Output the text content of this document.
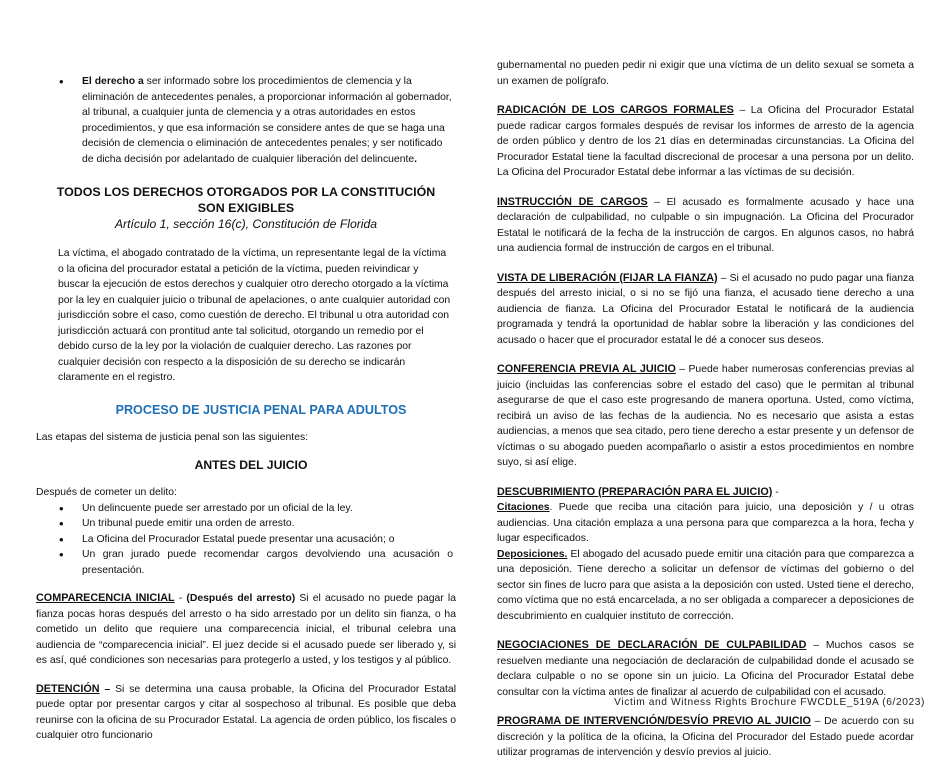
• El derecho a ser informado sobre los procedimientos de clemencia y la eliminación de antecedentes penales, a proporcionar información al gobernador, al tribunal, a cualquier junta de clemencia y a otras autoridades en estos procedimientos, y que esa información se considere antes de que se haga una decisión de clemencia o eliminación de antecedentes penales; y ser notificado de dicha decisión por adelantado de cualquier liberación del delincuente.
TODOS LOS DERECHOS OTORGADOS POR LA CONSTITUCIÓN SON EXIGIBLES
Artículo 1, sección 16(c), Constitución de Florida

La víctima, el abogado contratado de la víctima, un representante legal de la víctima o la oficina del procurador estatal a petición de la víctima, pueden reivindicar y buscar la ejecución de estos derechos y cualquier otro derecho otorgado a la víctima por la ley en cualquier juicio o tribunal de apelaciones, o ante cualquier autoridad con jurisdicción sobre el caso, como cuestión de derecho. El tribunal u otra autoridad con jurisdicción actuará con prontitud ante tal solicitud, otorgando un remedio por el debido curso de la ley por la violación de cualquier derecho. Las razones por cualquier decisión con respecto a la disposición de su derecho se indicarán claramente en el registro.

PROCESO DE JUSTICIA PENAL PARA ADULTOS

Las etapas del sistema de justicia penal son las siguientes:

ANTES DEL JUICIO

Después de cometer un delito:

• Un delincuente puede ser arrestado por un oficial de la ley.
• Un tribunal puede emitir una orden de arresto.
• La Oficina del Procurador Estatal puede presentar una acusación; o
• Un gran jurado puede recomendar cargos devolviendo una acusación o presentación.

COMPARECENCIA INICIAL - (Después del arresto) Si el acusado no puede pagar la fianza pocas horas después del arresto o ha sido arrestado por un delito sin fianza, o ha cometido un delito que requiere una comparecencia inicial, el tribunal celebra una audiencia de “comparecencia inicial”. El juez decide si el acusado puede ser liberado y, si es así, qué condiciones son necesarias para protegerlo a usted, y los testigos y al público.

DETENCIÓN – Si se determina una causa probable, la Oficina del Procurador Estatal puede optar por presentar cargos y citar al sospechoso al tribunal. Es posible que deba reunirse con la oficina de su Procurador Estatal. La agencia de orden público, los fiscales o cualquier otro funcionario

gubernamental no pueden pedir ni exigir que una víctima de un delito sexual se someta a un examen de polígrafo.

RADICACIÓN DE LOS CARGOS FORMALES – La Oficina del Procurador Estatal puede radicar cargos formales después de revisar los informes de arresto de la agencia de orden público y dentro de los 21 días en determinadas circunstancias. La Oficina del Procurador Estatal tiene la facultad discrecional de procesar a una persona por un delito. La Oficina del Procurador Estatal debe informar a las víctimas de su decisión.

INSTRUCCIÓN DE CARGOS – El acusado es formalmente acusado y hace una declaración de culpabilidad, no culpable o sin impugnación. La Oficina del Procurador Estatal le notificará de la fecha de la instrucción de cargos. En algunos casos, no habrá una audiencia formal de instrucción de cargos en el tribunal.

VISTA DE LIBERACIÓN (FIJAR LA FIANZA) – Si el acusado no pudo pagar una fianza después del arresto inicial, o si no se fijó una fianza, el acusado tiene derecho a una audiencia de fianza. La Oficina del Procurador Estatal le notificará de la audiencia programada y tendrá la oportunidad de hablar sobre la liberación y las condiciones del acusado o hacer que el procurador estatal le dé a conocer sus deseos.

CONFERENCIA PREVIA AL JUICIO – Puede haber numerosas conferencias previas al juicio (incluidas las conferencias sobre el estado del caso) que le permitan al tribunal asegurarse de que el caso este progresando de manera oportuna. Usted, como víctima, recibirá un aviso de las fechas de la audiencia. No es necesario que asista a estas audiencias, a menos que sea citado, pero tiene derecho a estar presente y un defensor de víctimas o su abogado pueden acompañarlo o asistir a estos procedimientos en nombre suyo, si así elige.

DESCUBRIMIENTO (PREPARACIÓN PARA EL JUICIO) -

Citaciones. Puede que reciba una citación para juicio, una deposición y / u otras audiencias. Una citación emplaza a una persona para que comparezca a la hora, fecha y lugar especificados.

Deposiciones. El abogado del acusado puede emitir una citación para que comparezca a una deposición. Tiene derecho a solicitar un defensor de víctimas del gobierno o del sector sin fines de lucro para que asista a la deposición con usted. Usted tiene el derecho, como víctima que no está encarcelada, a no ser obligada a comparecer a deposiciones de descubrimiento en cualquier instituto de corrección.

NEGOCIACIONES DE DECLARACIÓN DE CULPABILIDAD – Muchos casos se resuelven mediante una negociación de declaración de culpabilidad donde el acusado se declara culpable o no se opone sin un juicio. La Oficina del Procurador Estatal debe consultar con la víctima antes de finalizar al acuerdo de culpabilidad con el acusado.

PROGRAMA DE INTERVENCIÓN/DESVÍO PREVIO AL JUICIO – De acuerdo con su discreción y la política de la oficina, la Oficina del Procurador del Estado puede acordar utilizar programas de intervención y desvío previos al juicio.

Victim and Witness Rights Brochure FWCDLE_519A (6/2023)
